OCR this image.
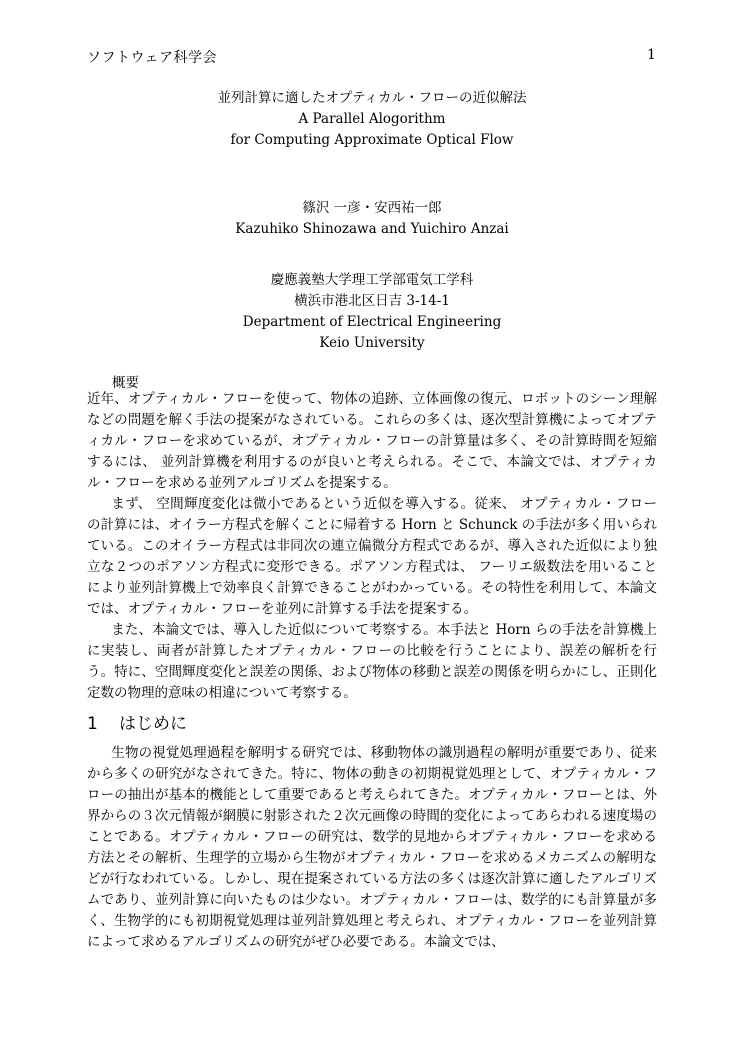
ソフトウェア科学会	1
並列計算に適したオプティカル・フローの近似解法
A Parallel Alogorithm
for Computing Approximate Optical Flow
篠沢 一彦・安西祐一郎
Kazuhiko Shinozawa and Yuichiro Anzai
慶應義塾大学理工学部電気工学科
横浜市港北区日吉 3-14-1
Department of Electrical Engineering
Keio University
概要

近年、オプティカル・フローを使って、物体の追跡、立体画像の復元、ロボットのシーン理解などの問題を解く手法の提案がなされている。これらの多くは、逐次型計算機によってオプティカル・フローを求めているが、オプティカル・フローの計算量は多く、その計算時間を短縮するには、 並列計算機を利用するのが良いと考えられる。そこで、本論文では、オプティカル・フローを求める並列アルゴリズムを提案する。

まず、 空間輝度変化は微小であるという近似を導入する。従来、 オプティカル・フローの計算には、オイラー方程式を解くことに帰着する Horn と Schunck の手法が多く用いられている。このオイラー方程式は非同次の連立偏微分方程式であるが、導入された近似により独立な２つのポアソン方程式に変形できる。ポアソン方程式は、 フーリエ級数法を用いることにより並列計算機上で効率良く計算できることがわかっている。その特性を利用して、本論文では、オプティカル・フローを並列に計算する手法を提案する。

また、本論文では、導入した近似について考察する。本手法と Horn らの手法を計算機上に実装し、両者が計算したオプティカル・フローの比較を行うことにより、誤差の解析を行う。特に、空間輝度変化と誤差の関係、および物体の移動と誤差の関係を明らかにし、正則化定数の物理的意味の相違について考察する。

1 はじめに

生物の視覚処理過程を解明する研究では、移動物体の識別過程の解明が重要であり、従来から多くの研究がなされてきた。特に、物体の動きの初期視覚処理として、オプティカル・フローの抽出が基本的機能として重要であると考えられてきた。オプティカル・フローとは、外界からの３次元情報が網膜に射影された２次元画像の時間的変化によってあらわれる速度場のことである。オプティカル・フローの研究は、数学的見地からオプティカル・フローを求める方法とその解析、生理学的立場から生物がオプティカル・フローを求めるメカニズムの解明などが行なわれている。しかし、現在提案されている方法の多くは逐次計算に適したアルゴリズムであり、並列計算に向いたものは少ない。オプティカル・フローは、数学的にも計算量が多く、生物学的にも初期視覚処理は並列計算処理と考えられ、オプティカル・フローを並列計算によって求めるアルゴリズムの研究がぜひ必要である。本論文では、
